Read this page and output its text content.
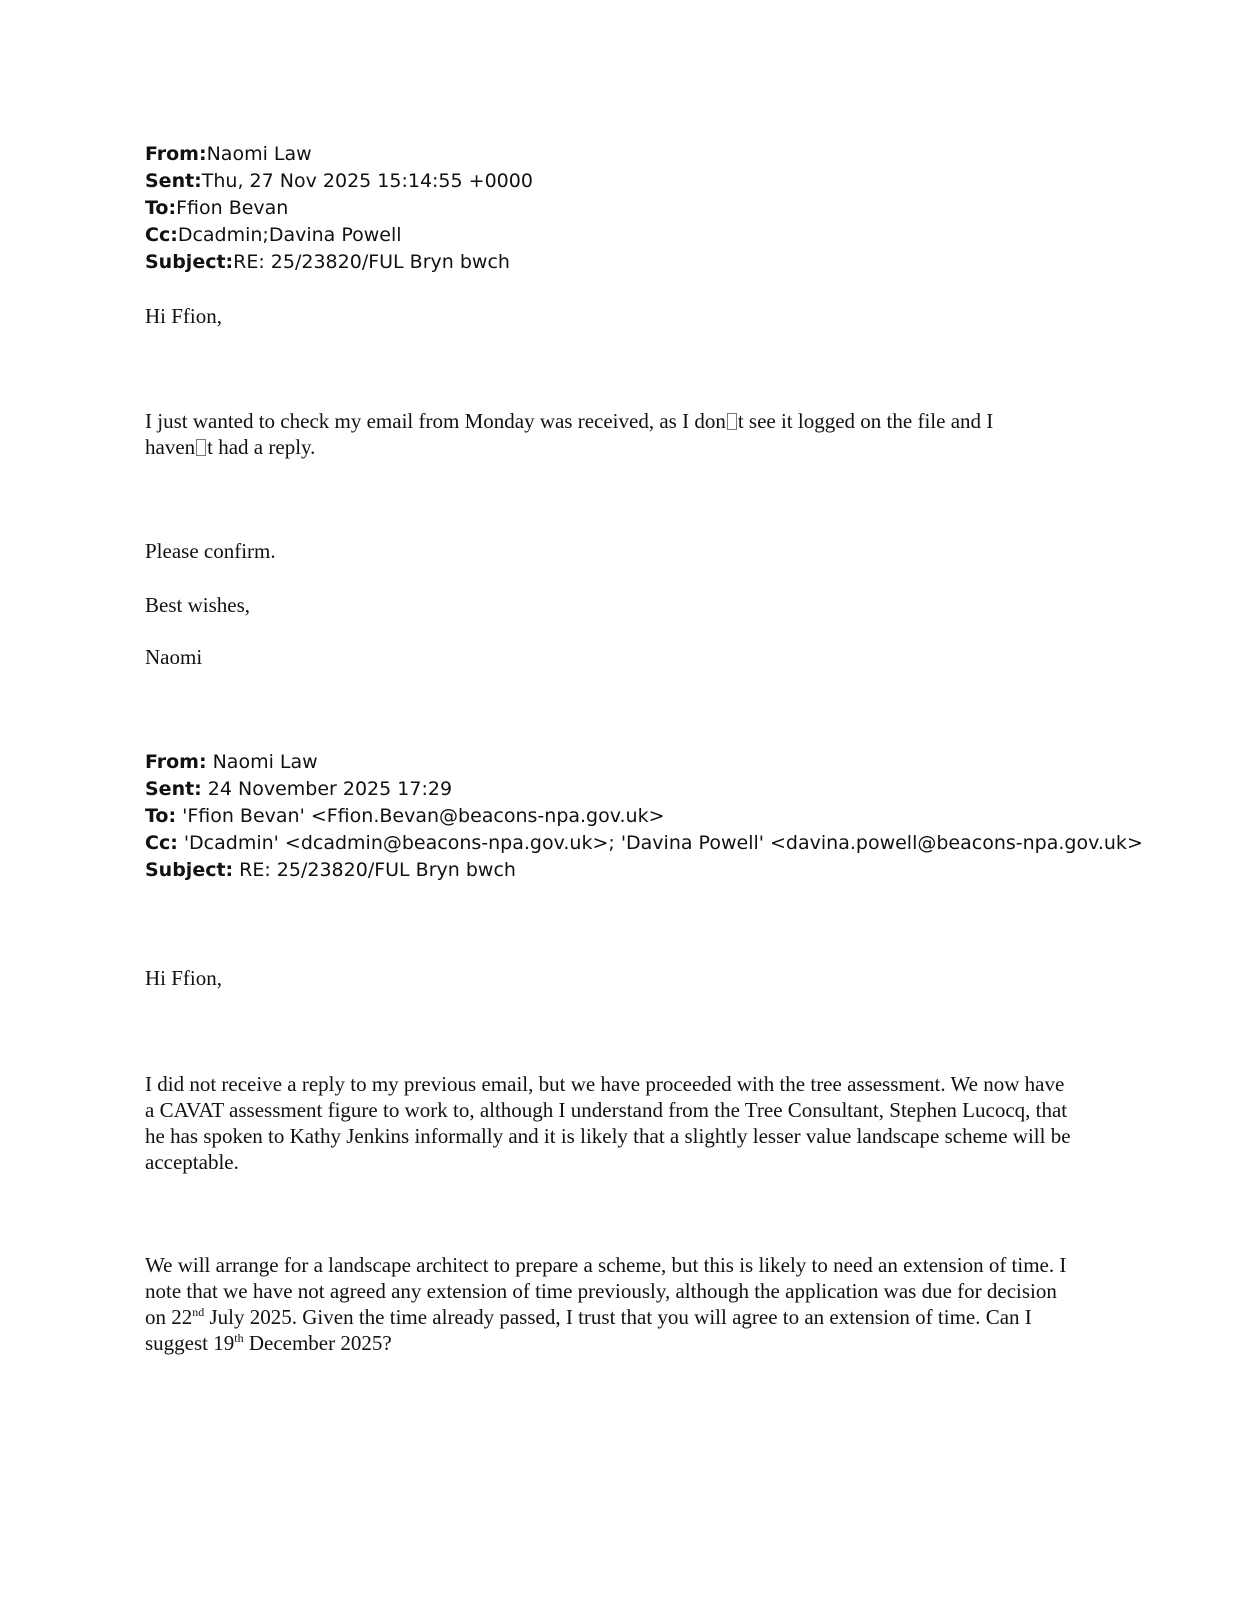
From:Naomi Law
Sent:Thu, 27 Nov 2025 15:14:55 +0000
To:Ffion Bevan
Cc:Dcadmin;Davina Powell
Subject:RE: 25/23820/FUL Bryn bwch

Hi Ffion,

I just wanted to check my email from Monday was received, as I don t see it logged on the file and I
haven t had a reply.

Please confirm.

Best wishes,

Naomi

From: Naomi Law
Sent: 24 November 2025 17:29
To: 'Ffion Bevan' <Ffion.Bevan@beacons-npa.gov.uk>
Cc: 'Dcadmin' <dcadmin@beacons-npa.gov.uk>; 'Davina Powell' <davina.powell@beacons-npa.gov.uk>
Subject: RE: 25/23820/FUL Bryn bwch

Hi Ffion,

I did not receive a reply to my previous email, but we have proceeded with the tree assessment. We now have a CAVAT assessment figure to work to, although I understand from the Tree Consultant, Stephen Lucocq, that he has spoken to Kathy Jenkins informally and it is likely that a slightly lesser value landscape scheme will be acceptable.

We will arrange for a landscape architect to prepare a scheme, but this is likely to need an extension of time. I note that we have not agreed any extension of time previously, although the application was due for decision on 22nd July 2025. Given the time already passed, I trust that you will agree to an extension of time. Can I suggest 19th December 2025?
